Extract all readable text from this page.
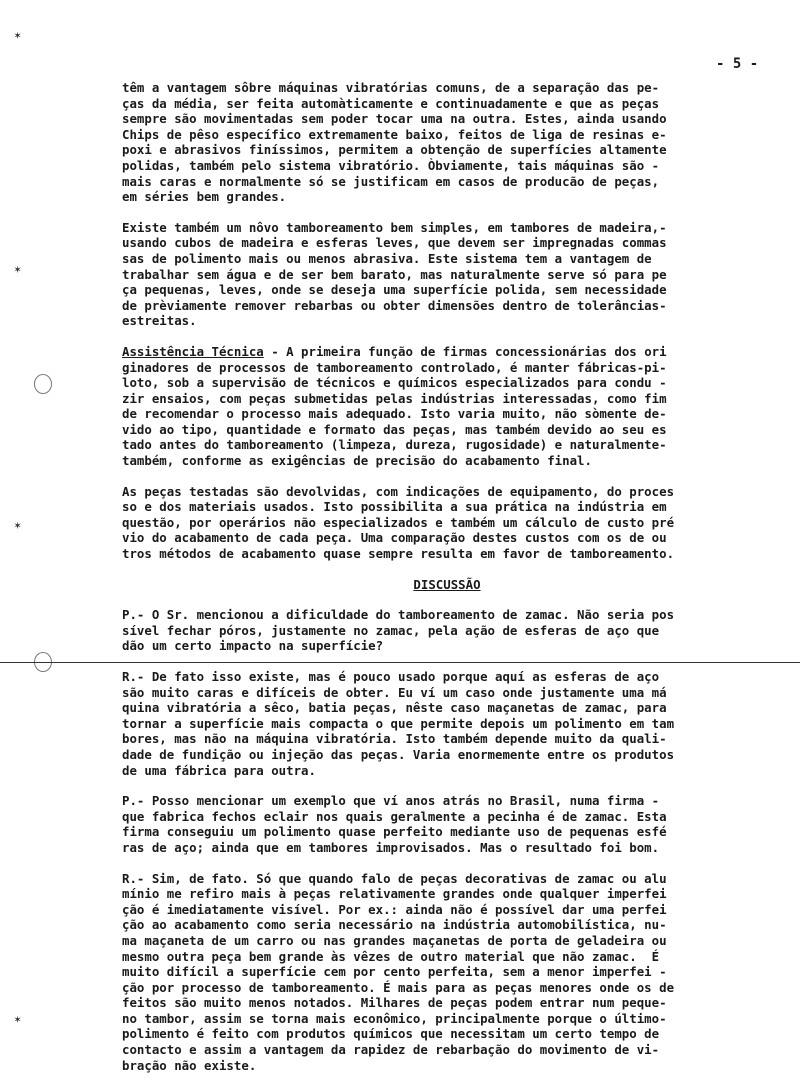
- 5 -
✶
✶
✶
✶

têm a vantagem sôbre máquinas vibratórias comuns, de a separação das pe-
ças da média, ser feita automàticamente e continuadamente e que as peças
sempre são movimentadas sem poder tocar uma na outra. Estes, ainda usando
Chips de pêso específico extremamente baixo, feitos de liga de resinas e-
poxi e abrasivos finíssimos, permitem a obtenção de superfícies altamente
polidas, também pelo sistema vibratório. Òbviamente, tais máquinas são -
mais caras e normalmente só se justificam em casos de producão de peças,
em séries bem grandes.

Existe também um nôvo tamboreamento bem simples, em tambores de madeira,-
usando cubos de madeira e esferas leves, que devem ser impregnadas commas
sas de polimento mais ou menos abrasiva. Este sistema tem a vantagem de
trabalhar sem água e de ser bem barato, mas naturalmente serve só para pe
ça pequenas, leves, onde se deseja uma superfície polida, sem necessidade
de prèviamente remover rebarbas ou obter dimensões dentro de tolerâncias-
estreitas.

Assistência Técnica - A primeira função de firmas concessionárias dos ori
ginadores de processos de tamboreamento controlado, é manter fábricas-pi-
loto, sob a supervisão de técnicos e químicos especializados para condu -
zir ensaios, com peças submetidas pelas indústrias interessadas, como fim
de recomendar o processo mais adequado. Isto varia muito, não sòmente de-
vido ao tipo, quantidade e formato das peças, mas também devido ao seu es
tado antes do tamboreamento (limpeza, dureza, rugosidade) e naturalmente-
também, conforme as exigências de precisão do acabamento final.

As peças testadas são devolvidas, com indicações de equipamento, do proces
so e dos materiais usados. Isto possibilita a sua prática na indústria em
questão, por operários não especializados e também um cálculo de custo pré
vio do acabamento de cada peça. Uma comparação destes custos com os de ou
tros métodos de acabamento quase sempre resulta em favor de tamboreamento.

DISCUSSÃO

P.- O Sr. mencionou a dificuldade do tamboreamento de zamac. Não seria pos
sível fechar póros, justamente no zamac, pela ação de esferas de aço que
dão um certo impacto na superfície?

R.- De fato isso existe, mas é pouco usado porque aquí as esferas de aço
são muito caras e difíceis de obter. Eu ví um caso onde justamente uma má
quina vibratória a sêco, batia peças, nêste caso maçanetas de zamac, para
tornar a superfície mais compacta o que permite depois um polimento em tam
bores, mas não na máquina vibratória. Isto também depende muito da quali-
dade de fundição ou injeção das peças. Varia enormemente entre os produtos
de uma fábrica para outra.

P.- Posso mencionar um exemplo que ví anos atrás no Brasil, numa firma -
que fabrica fechos eclair nos quais geralmente a pecinha é de zamac. Esta
firma conseguiu um polimento quase perfeito mediante uso de pequenas esfé
ras de aço; ainda que em tambores improvisados. Mas o resultado foi bom.

R.- Sim, de fato. Só que quando falo de peças decorativas de zamac ou alu
mínio me refiro mais à peças relativamente grandes onde qualquer imperfei
ção é imediatamente visível. Por ex.: ainda não é possível dar uma perfei
ção ao acabamento como seria necessário na indústria automobilística, nu-
ma maçaneta de um carro ou nas grandes maçanetas de porta de geladeira ou
mesmo outra peça bem grande às vêzes de outro material que não zamac.  É
muito difícil a superfície cem por cento perfeita, sem a menor imperfei -
ção por processo de tamboreamento. É mais para as peças menores onde os de
feitos são muito menos notados. Milhares de peças podem entrar num peque-
no tambor, assim se torna mais econômico, principalmente porque o último-
polimento é feito com produtos químicos que necessitam um certo tempo de
contacto e assim a vantagem da rapidez de rebarbação do movimento de vi-
bração não existe.
